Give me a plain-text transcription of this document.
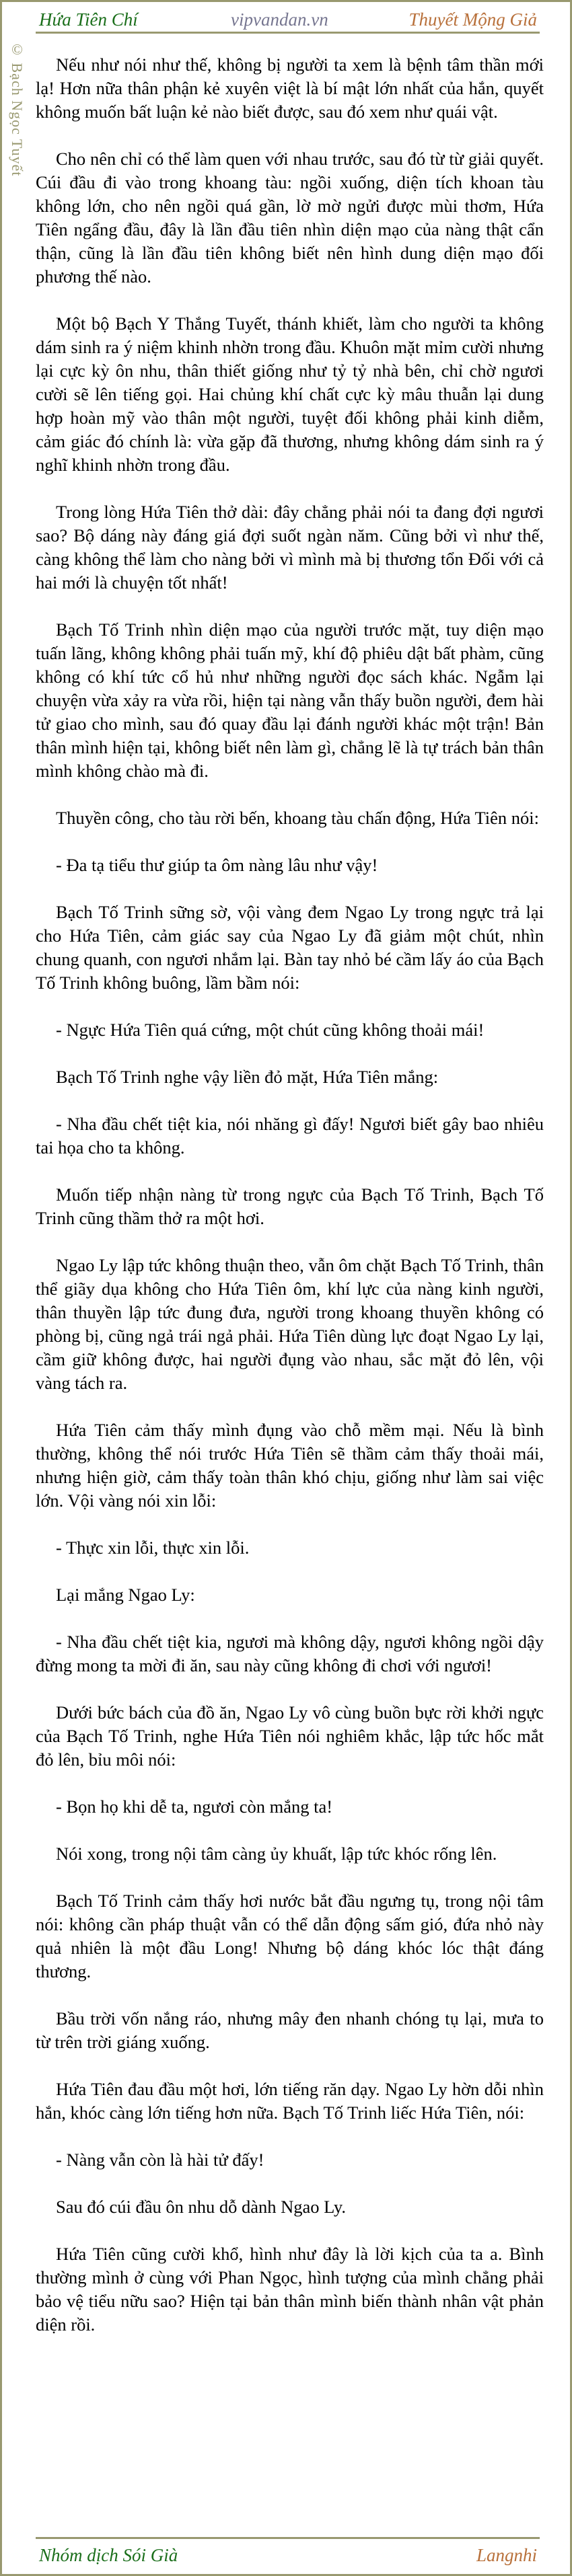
Hứa Tiên Chí	vipvandan.vn	Thuyết Mộng Giả
© Bạch Ngọc Tuyết	Nếu như nói như thế, không bị người ta xem là bệnh tâm thần mới lạ! Hơn nữa thân phận kẻ xuyên việt là bí mật lớn nhất của hắn, quyết không muốn bất luận kẻ nào biết được, sau đó xem như quái vật.

Cho nên chỉ có thể làm quen với nhau trước, sau đó từ từ giải quyết. Cúi đầu đi vào trong khoang tàu: ngồi xuống, diện tích khoan tàu không lớn, cho nên ngồi quá gần, lờ mờ ngửi được mùi thơm, Hứa Tiên ngẩng đầu, đây là lần đầu tiên nhìn diện mạo của nàng thật cẩn thận, cũng là lần đầu tiên không biết nên hình dung diện mạo đối phương thế nào.

Một bộ Bạch Y Thắng Tuyết, thánh khiết, làm cho người ta không dám sinh ra ý niệm khinh nhờn trong đầu. Khuôn mặt mỉm cười nhưng lại cực kỳ ôn nhu, thân thiết giống như tỷ tỷ nhà bên, chỉ chờ ngươi cười sẽ lên tiếng gọi. Hai chủng khí chất cực kỳ mâu thuẫn lại dung hợp hoàn mỹ vào thân một người, tuyệt đối không phải kinh diễm, cảm giác đó chính là: vừa gặp đã thương, nhưng không dám sinh ra ý nghĩ khinh nhờn trong đầu.

Trong lòng Hứa Tiên thở dài: đây chẳng phải nói ta đang đợi ngươi sao? Bộ dáng này đáng giá đợi suốt ngàn năm. Cũng bởi vì như thế, càng không thể làm cho nàng bởi vì mình mà bị thương tổn Đối với cả hai mới là chuyện tốt nhất!

Bạch Tố Trinh nhìn diện mạo của người trước mặt, tuy diện mạo tuấn lãng, không không phải tuấn mỹ, khí độ phiêu dật bất phàm, cũng không có khí tức cổ hủ như những người đọc sách khác. Ngẫm lại chuyện vừa xảy ra vừa rồi, hiện tại nàng vẫn thấy buồn người, đem hài tử giao cho mình, sau đó quay đầu lại đánh người khác một trận! Bản thân mình hiện tại, không biết nên làm gì, chẳng lẽ là tự trách bản thân mình không chào mà đi.

Thuyền công, cho tàu rời bến, khoang tàu chấn động, Hứa Tiên nói:

- Đa tạ tiểu thư giúp ta ôm nàng lâu như vậy!

Bạch Tố Trinh sững sờ, vội vàng đem Ngao Ly trong ngực trả lại cho Hứa Tiên, cảm giác say của Ngao Ly đã giảm một chút, nhìn chung quanh, con ngươi nhắm lại. Bàn tay nhỏ bé cầm lấy áo của Bạch Tố Trinh không buông, lầm bầm nói:

- Ngực Hứa Tiên quá cứng, một chút cũng không thoải mái!

Bạch Tố Trinh nghe vậy liền đỏ mặt, Hứa Tiên mắng:

- Nha đầu chết tiệt kia, nói nhăng gì đấy! Ngươi biết gây bao nhiêu tai họa cho ta không.

Muốn tiếp nhận nàng từ trong ngực của Bạch Tố Trinh, Bạch Tố Trinh cũng thầm thở ra một hơi.

Ngao Ly lập tức không thuận theo, vẫn ôm chặt Bạch Tố Trinh, thân thể giãy dụa không cho Hứa Tiên ôm, khí lực của nàng kinh người, thân thuyền lập tức đung đưa, người trong khoang thuyền không có phòng bị, cũng ngả trái ngả phải. Hứa Tiên dùng lực đoạt Ngao Ly lại, cầm giữ không được, hai người đụng vào nhau, sắc mặt đỏ lên, vội vàng tách ra.

Hứa Tiên cảm thấy mình đụng vào chỗ mềm mại. Nếu là bình thường, không thể nói trước Hứa Tiên sẽ thầm cảm thấy thoải mái, nhưng hiện giờ, cảm thấy toàn thân khó chịu, giống như làm sai việc lớn. Vội vàng nói xin lỗi:

- Thực xin lỗi, thực xin lỗi.

Lại mắng Ngao Ly:

- Nha đầu chết tiệt kia, ngươi mà không dậy, ngươi không ngồi dậy đừng mong ta mời đi ăn, sau này cũng không đi chơi với ngươi!

Dưới bức bách của đồ ăn, Ngao Ly vô cùng buồn bực rời khởi ngực của Bạch Tố Trinh, nghe Hứa Tiên nói nghiêm khắc, lập tức hốc mắt đỏ lên, bỉu môi nói:

- Bọn họ khi dễ ta, ngươi còn mắng ta!

Nói xong, trong nội tâm càng ủy khuất, lập tức khóc rống lên.

Bạch Tố Trinh cảm thấy hơi nước bắt đầu ngưng tụ, trong nội tâm nói: không cần pháp thuật vẫn có thể dẫn động sấm gió, đứa nhỏ này quả nhiên là một đầu Long! Nhưng bộ dáng khóc lóc thật đáng thương.

Bầu trời vốn nắng ráo, nhưng mây đen nhanh chóng tụ lại, mưa to từ trên trời giáng xuống.

Hứa Tiên đau đầu một hơi, lớn tiếng răn dạy. Ngao Ly hờn dỗi nhìn hắn, khóc càng lớn tiếng hơn nữa. Bạch Tố Trinh liếc Hứa Tiên, nói:

- Nàng vẫn còn là hài tử đấy!

Sau đó cúi đầu ôn nhu dỗ dành Ngao Ly.

Hứa Tiên cũng cười khổ, hình như đây là lời kịch của ta a. Bình thường mình ở cùng với Phan Ngọc, hình tượng của mình chẳng phải bảo vệ tiểu nữu sao? Hiện tại bản thân mình biến thành nhân vật phản diện rồi.

Nhóm dịch Sói Già	Langnhi
